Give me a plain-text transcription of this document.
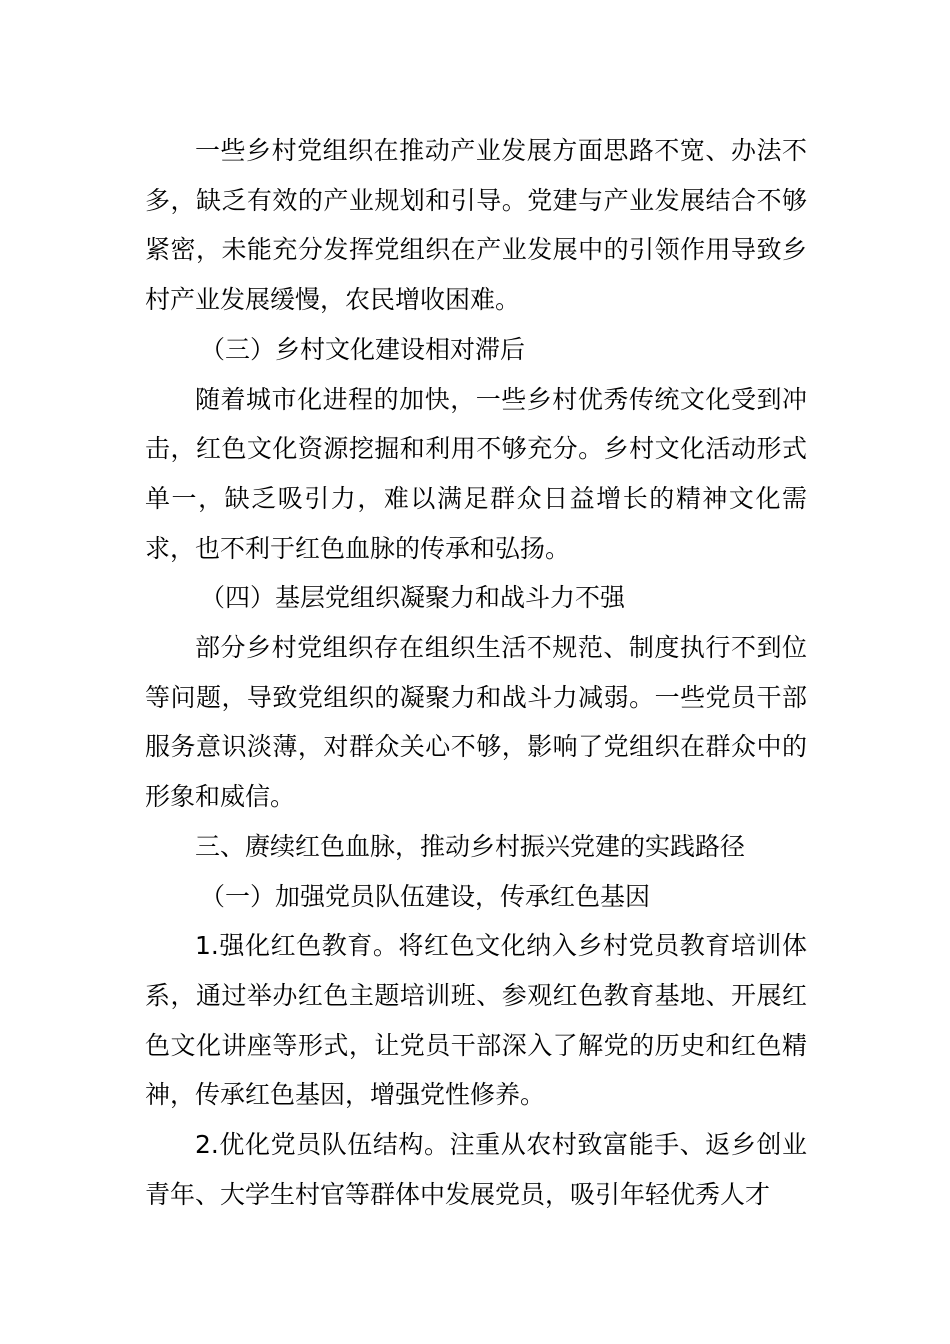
一些乡村党组织在推动产业发展方面思路不宽、办法不多，缺乏有效的产业规划和引导。党建与产业发展结合不够紧密，未能充分发挥党组织在产业发展中的引领作用导致乡村产业发展缓慢，农民增收困难。

（三）乡村文化建设相对滞后

随着城市化进程的加快，一些乡村优秀传统文化受到冲击，红色文化资源挖掘和利用不够充分。乡村文化活动形式单一，缺乏吸引力，难以满足群众日益增长的精神文化需求，也不利于红色血脉的传承和弘扬。

（四）基层党组织凝聚力和战斗力不强

部分乡村党组织存在组织生活不规范、制度执行不到位等问题，导致党组织的凝聚力和战斗力减弱。一些党员干部服务意识淡薄，对群众关心不够，影响了党组织在群众中的形象和威信。

三、赓续红色血脉，推动乡村振兴党建的实践路径

（一）加强党员队伍建设，传承红色基因

1.强化红色教育。将红色文化纳入乡村党员教育培训体系，通过举办红色主题培训班、参观红色教育基地、开展红色文化讲座等形式，让党员干部深入了解党的历史和红色精神，传承红色基因，增强党性修养。

2.优化党员队伍结构。注重从农村致富能手、返乡创业青年、大学生村官等群体中发展党员，吸引年轻优秀人才
